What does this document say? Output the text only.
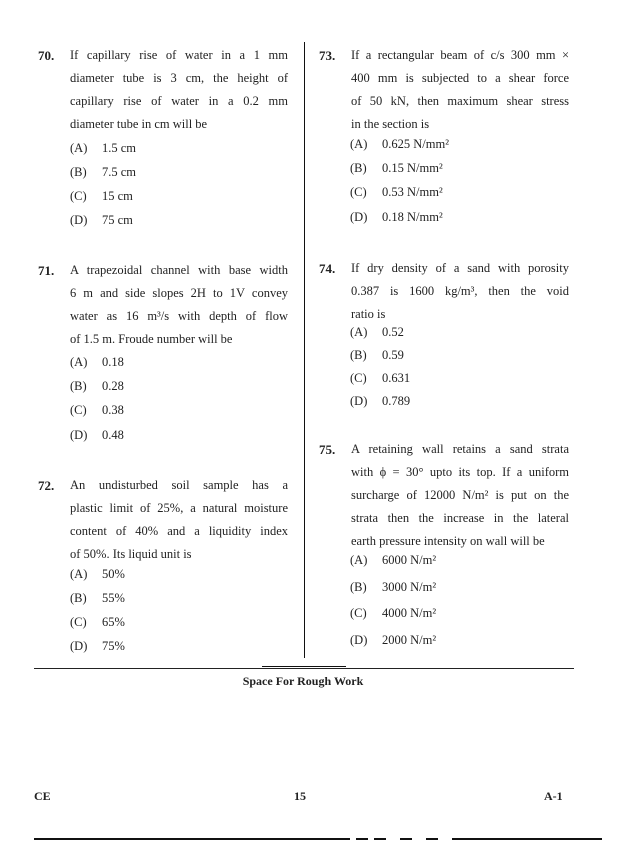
70. If capillary rise of water in a 1 mm
diameter tube is 3 cm, the height of
capillary rise of water in a 0.2 mm
diameter tube in cm will be
(A) 1.5 cm
(B) 7.5 cm
(C) 15 cm
(D) 75 cm
71. A trapezoidal channel with base width
6 m and side slopes 2H to 1V convey
water as 16 m³/s with depth of flow
of 1.5 m. Froude number will be
(A) 0.18
(B) 0.28
(C) 0.38
(D) 0.48
72. An undisturbed soil sample has a
plastic limit of 25%, a natural moisture
content of 40% and a liquidity index
of 50%. Its liquid unit is
(A) 50%
(B) 55%
(C) 65%
(D) 75%
73. If a rectangular beam of c/s 300 mm ×
400 mm is subjected to a shear force
of 50 kN, then maximum shear stress
in the section is
(A) 0.625 N/mm²
(B) 0.15 N/mm²
(C) 0.53 N/mm²
(D) 0.18 N/mm²
74. If dry density of a sand with porosity
0.387 is 1600 kg/m³, then the void
ratio is
(A) 0.52
(B) 0.59
(C) 0.631
(D) 0.789
75. A retaining wall retains a sand strata
with ϕ = 30° upto its top. If a uniform
surcharge of 12000 N/m² is put on the
strata then the increase in the lateral
earth pressure intensity on wall will be
(A) 6000 N/m²
(B) 3000 N/m²
(C) 4000 N/m²
(D) 2000 N/m²
Space For Rough Work
CE	15	A-1
